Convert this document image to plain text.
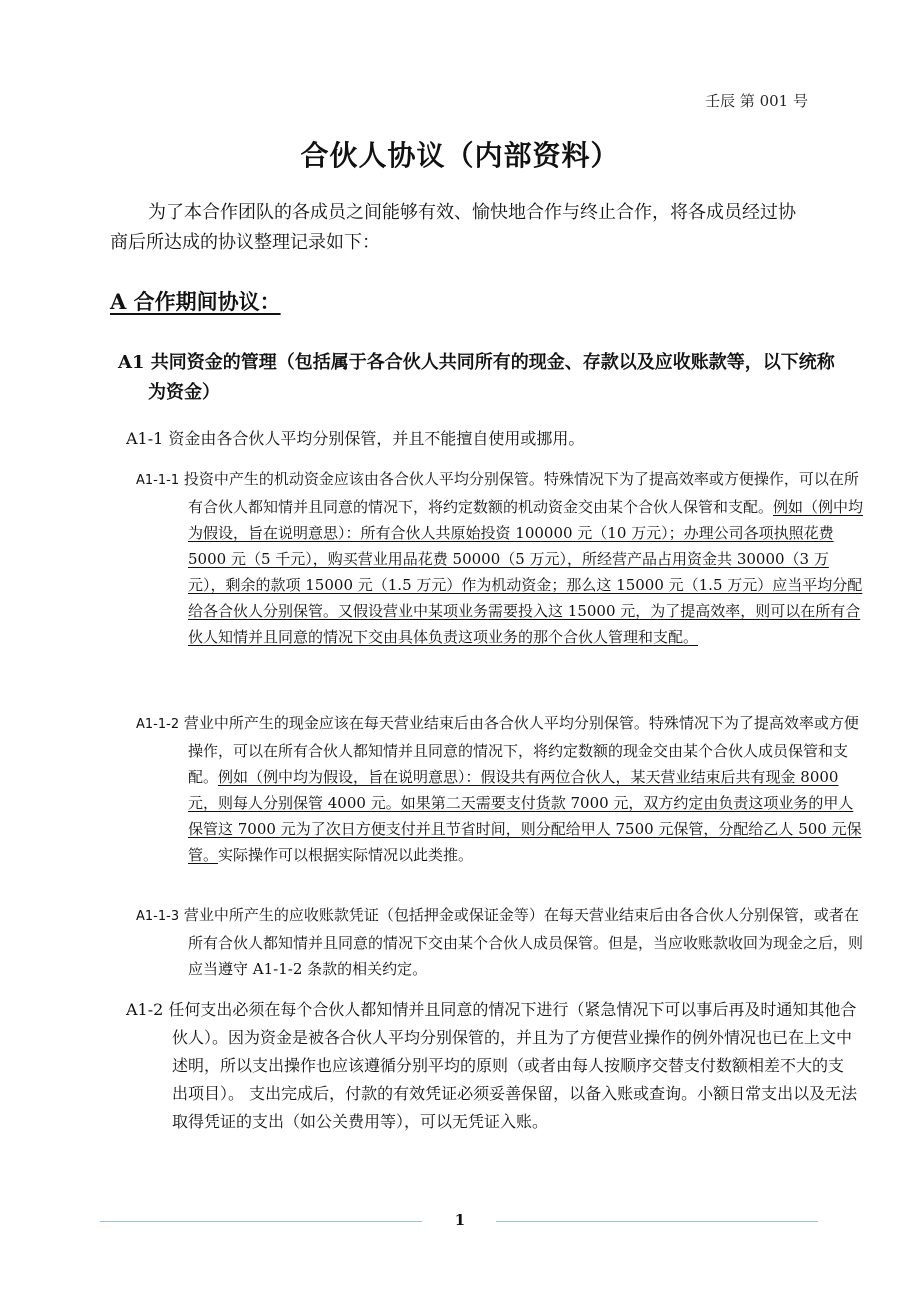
壬辰 第 001 号
合伙人协议（内部资料）
为了本合作团队的各成员之间能够有效、愉快地合作与终止合作，将各成员经过协商后所达成的协议整理记录如下：
A 合作期间协议：
A1 共同资金的管理（包括属于各合伙人共同所有的现金、存款以及应收账款等，以下统称为资金）
A1-1 资金由各合伙人平均分别保管，并且不能擅自使用或挪用。
A1-1-1 投资中产生的机动资金应该由各合伙人平均分别保管。特殊情况下为了提高效率或方便操作，可以在所有合伙人都知情并且同意的情况下，将约定数额的机动资金交由某个合伙人保管和支配。例如（例中均为假设，旨在说明意思）：所有合伙人共原始投资 100000 元（10 万元）；办理公司各项执照花费 5000 元（5 千元），购买营业用品花费 50000（5 万元），所经营产品占用资金共 30000（3 万元），剩余的款项 15000 元（1.5 万元）作为机动资金；那么这 15000 元（1.5 万元）应当平均分配给各合伙人分别保管。又假设营业中某项业务需要投入这 15000 元，为了提高效率，则可以在所有合伙人知情并且同意的情况下交由具体负责这项业务的那个合伙人管理和支配。
A1-1-2 营业中所产生的现金应该在每天营业结束后由各合伙人平均分别保管。特殊情况下为了提高效率或方便操作，可以在所有合伙人都知情并且同意的情况下，将约定数额的现金交由某个合伙人成员保管和支配。例如（例中均为假设，旨在说明意思）：假设共有两位合伙人，某天营业结束后共有现金 8000 元，则每人分别保管 4000 元。如果第二天需要支付货款 7000 元，双方约定由负责这项业务的甲人保管这 7000 元为了次日方便支付并且节省时间，则分配给甲人 7500 元保管，分配给乙人 500 元保管。实际操作可以根据实际情况以此类推。
A1-1-3 营业中所产生的应收账款凭证（包括押金或保证金等）在每天营业结束后由各合伙人分别保管，或者在所有合伙人都知情并且同意的情况下交由某个合伙人成员保管。但是，当应收账款收回为现金之后，则应当遵守 A1-1-2 条款的相关约定。
A1-2 任何支出必须在每个合伙人都知情并且同意的情况下进行（紧急情况下可以事后再及时通知其他合伙人）。因为资金是被各合伙人平均分别保管的，并且为了方便营业操作的例外情况也已在上文中述明，所以支出操作也应该遵循分别平均的原则（或者由每人按顺序交替支付数额相差不大的支出项目）。 支出完成后，付款的有效凭证必须妥善保留，以备入账或查询。小额日常支出以及无法取得凭证的支出（如公关费用等），可以无凭证入账。
1
